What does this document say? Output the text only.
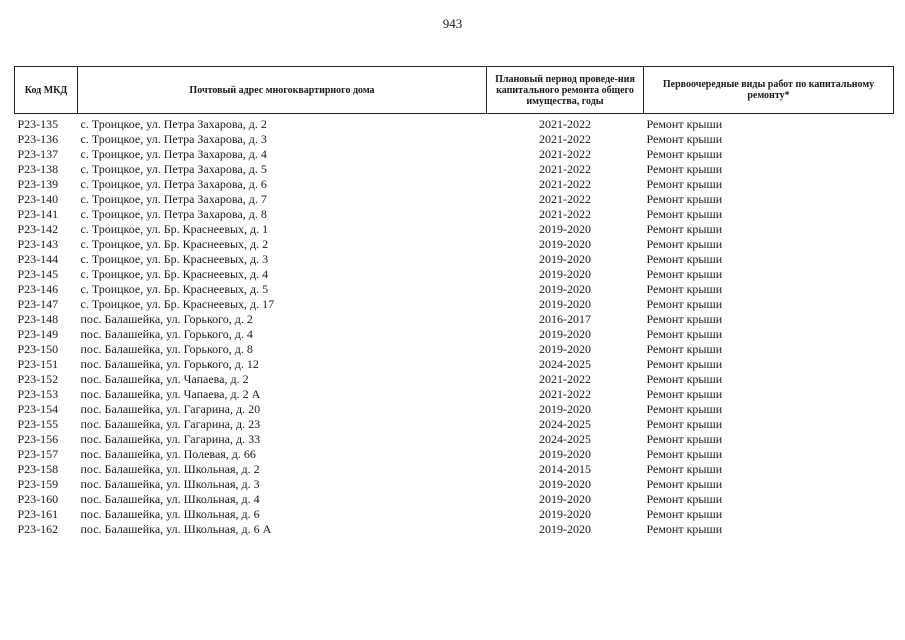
943
Код МКД	Почтовый адрес многоквартирного дома	Плановый период проведе-ния капитального ремонта общего имущества, годы	Первоочередные виды работ по капитальному ремонту*

Р23-135	с. Троицкое, ул. Петра Захарова, д. 2	2021-2022	Ремонт крыши
Р23-136	с. Троицкое, ул. Петра Захарова, д. 3	2021-2022	Ремонт крыши
Р23-137	с. Троицкое, ул. Петра Захарова, д. 4	2021-2022	Ремонт крыши
Р23-138	с. Троицкое, ул. Петра Захарова, д. 5	2021-2022	Ремонт крыши
Р23-139	с. Троицкое, ул. Петра Захарова, д. 6	2021-2022	Ремонт крыши
Р23-140	с. Троицкое, ул. Петра Захарова, д. 7	2021-2022	Ремонт крыши
Р23-141	с. Троицкое, ул. Петра Захарова, д. 8	2021-2022	Ремонт крыши
Р23-142	с. Троицкое, ул. Бр. Краснеевых, д. 1	2019-2020	Ремонт крыши
Р23-143	с. Троицкое, ул. Бр. Краснеевых, д. 2	2019-2020	Ремонт крыши
Р23-144	с. Троицкое, ул. Бр. Краснеевых, д. 3	2019-2020	Ремонт крыши
Р23-145	с. Троицкое, ул. Бр. Краснеевых, д. 4	2019-2020	Ремонт крыши
Р23-146	с. Троицкое, ул. Бр. Краснеевых, д. 5	2019-2020	Ремонт крыши
Р23-147	с. Троицкое, ул. Бр. Краснеевых, д. 17	2019-2020	Ремонт крыши
Р23-148	пос. Балашейка, ул. Горького, д. 2	2016-2017	Ремонт крыши
Р23-149	пос. Балашейка, ул. Горького, д. 4	2019-2020	Ремонт крыши
Р23-150	пос. Балашейка, ул. Горького, д. 8	2019-2020	Ремонт крыши
Р23-151	пос. Балашейка, ул. Горького, д. 12	2024-2025	Ремонт крыши
Р23-152	пос. Балашейка, ул. Чапаева, д. 2	2021-2022	Ремонт крыши
Р23-153	пос. Балашейка, ул. Чапаева, д. 2 А	2021-2022	Ремонт крыши
Р23-154	пос. Балашейка, ул. Гагарина, д. 20	2019-2020	Ремонт крыши
Р23-155	пос. Балашейка, ул. Гагарина, д. 23	2024-2025	Ремонт крыши
Р23-156	пос. Балашейка, ул. Гагарина, д. 33	2024-2025	Ремонт крыши
Р23-157	пос. Балашейка, ул. Полевая, д. 66	2019-2020	Ремонт крыши
Р23-158	пос. Балашейка, ул. Школьная, д. 2	2014-2015	Ремонт крыши
Р23-159	пос. Балашейка, ул. Школьная, д. 3	2019-2020	Ремонт крыши
Р23-160	пос. Балашейка, ул. Школьная, д. 4	2019-2020	Ремонт крыши
Р23-161	пос. Балашейка, ул. Школьная, д. 6	2019-2020	Ремонт крыши
Р23-162	пос. Балашейка, ул. Школьная, д. 6 А	2019-2020	Ремонт крыши
